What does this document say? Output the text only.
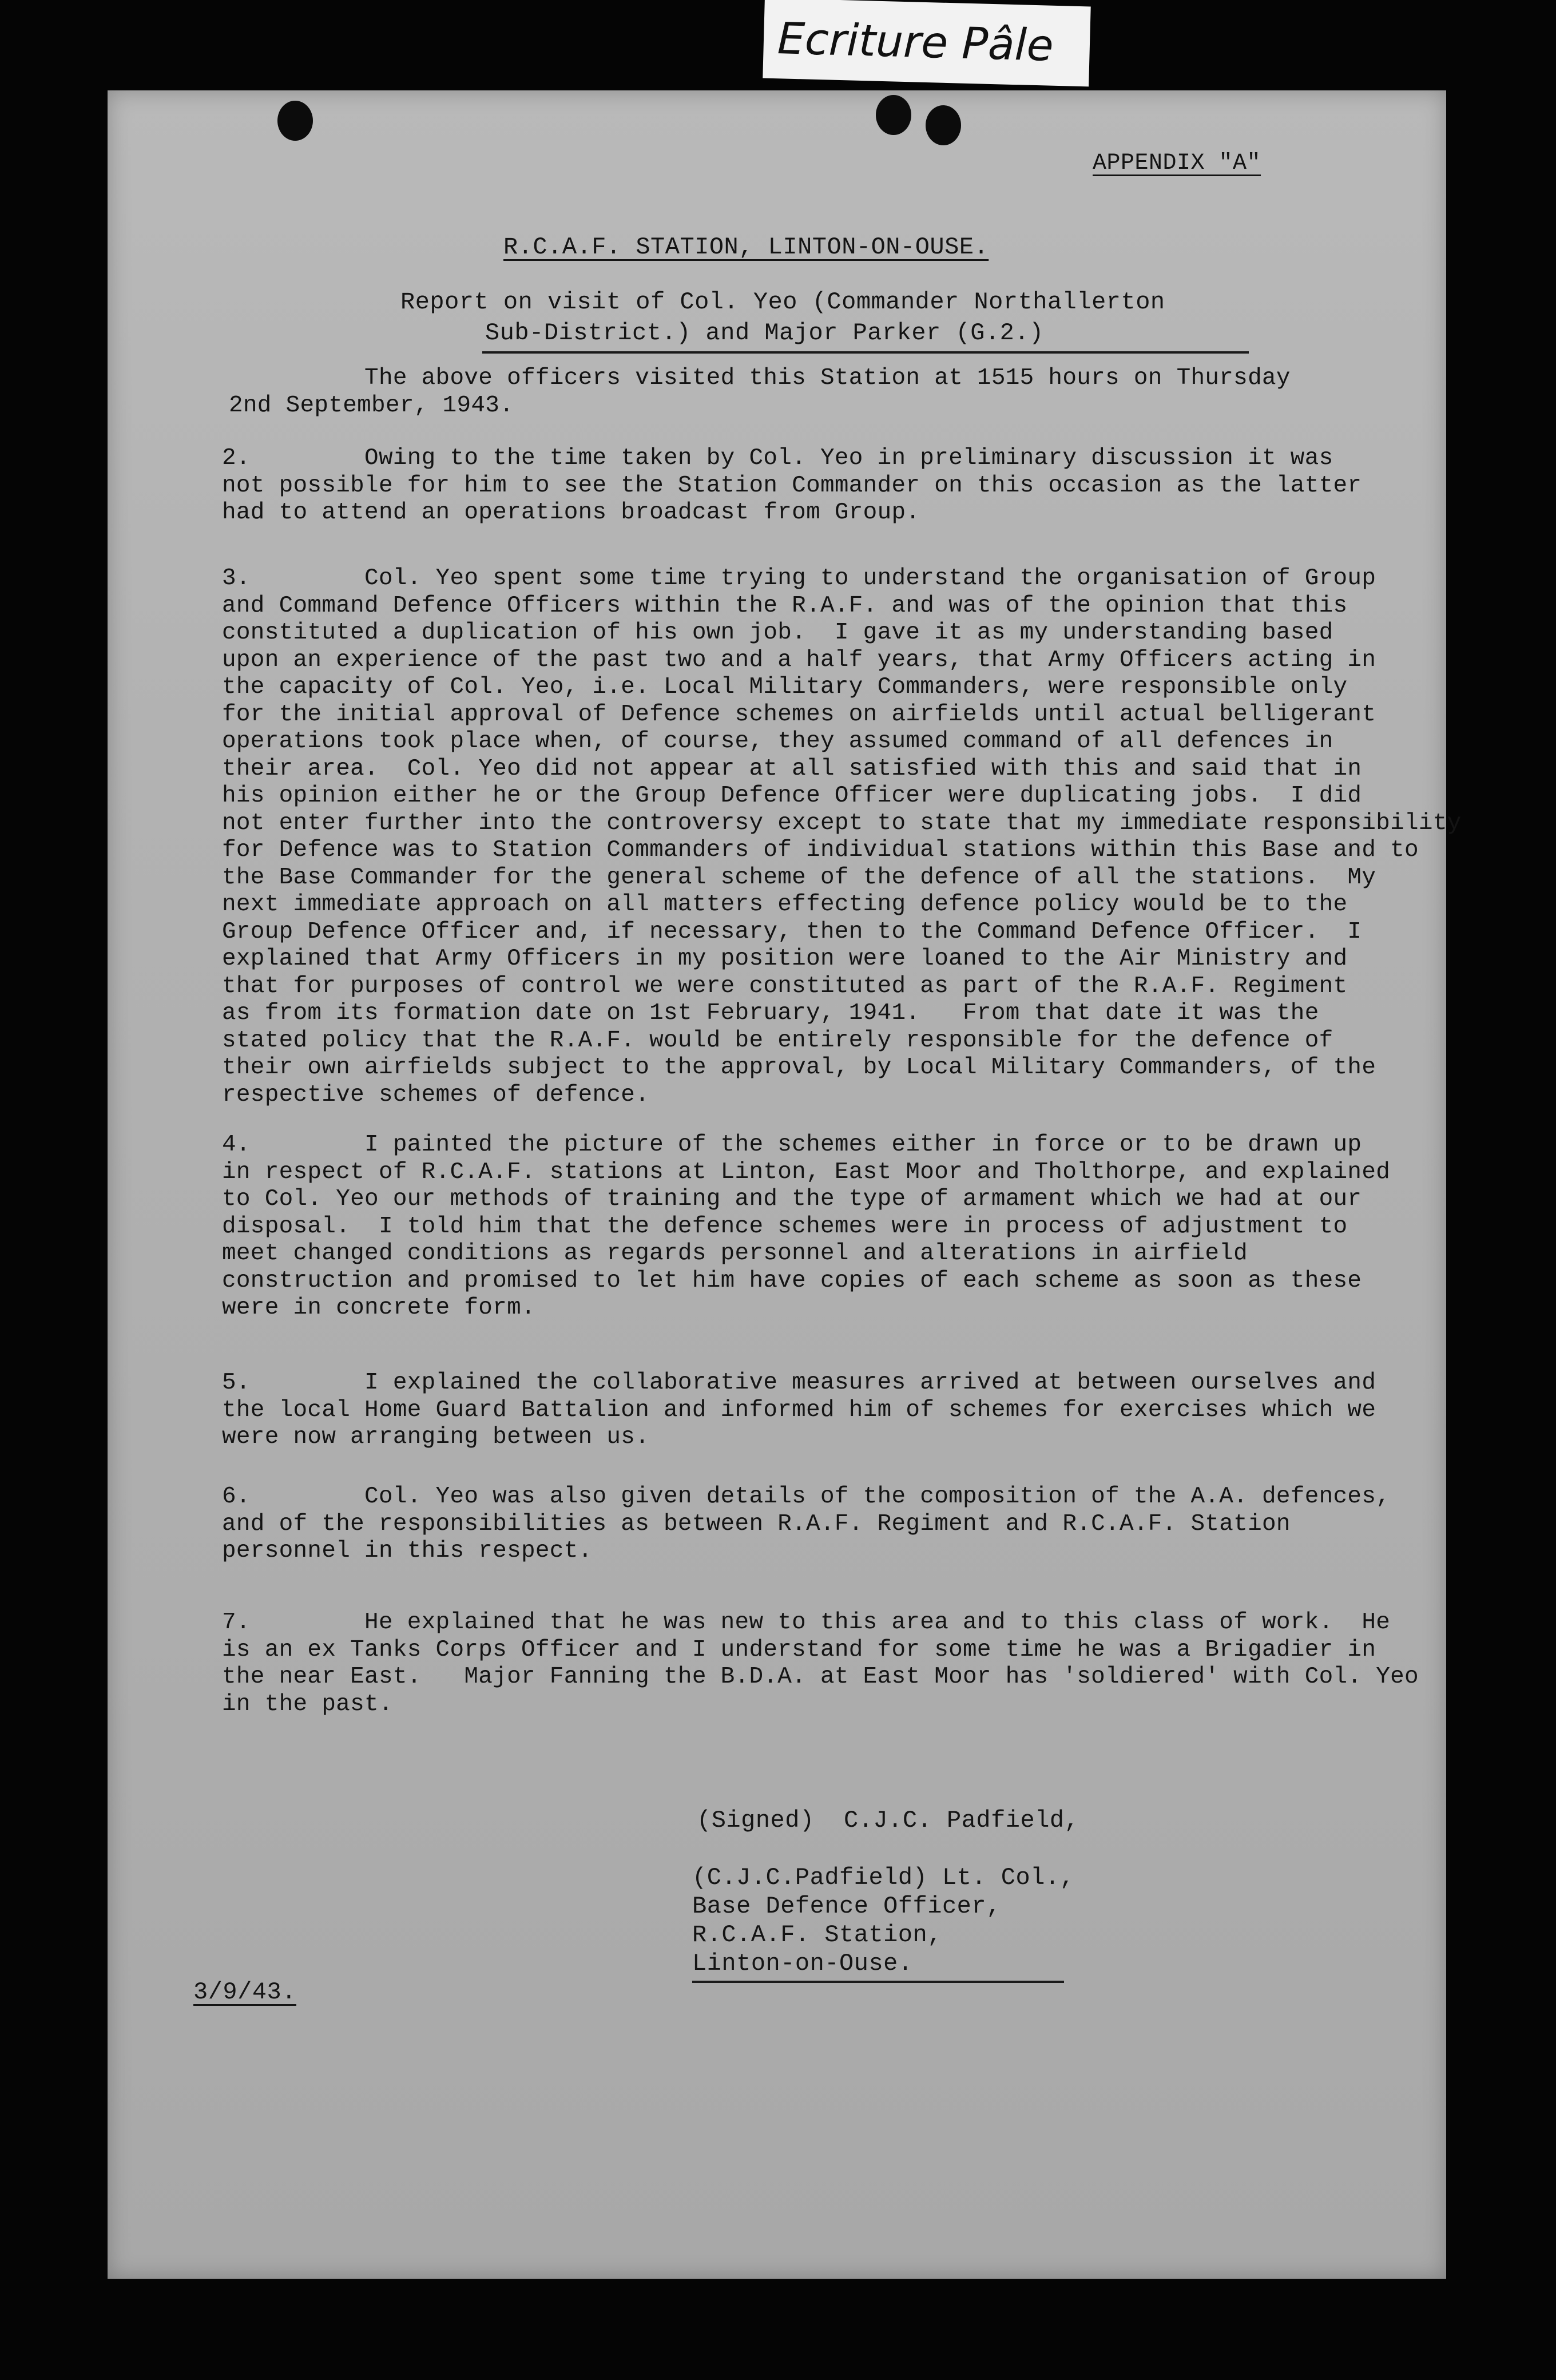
Ecriture Pâle
APPENDIX "A"
R.C.A.F. STATION, LINTON-ON-OUSE.
Report on visit of Col. Yeo (Commander Northallerton
Sub-District.) and Major Parker (G.2.)
The above officers visited this Station at 1515 hours on Thursday
2nd September, 1943.
2.        Owing to the time taken by Col. Yeo in preliminary discussion it was
not possible for him to see the Station Commander on this occasion as the latter
had to attend an operations broadcast from Group.
3.        Col. Yeo spent some time trying to understand the organisation of Group
and Command Defence Officers within the R.A.F. and was of the opinion that this
constituted a duplication of his own job.  I gave it as my understanding based
upon an experience of the past two and a half years, that Army Officers acting in
the capacity of Col. Yeo, i.e. Local Military Commanders, were responsible only
for the initial approval of Defence schemes on airfields until actual belligerant
operations took place when, of course, they assumed command of all defences in
their area.  Col. Yeo did not appear at all satisfied with this and said that in
his opinion either he or the Group Defence Officer were duplicating jobs.  I did
not enter further into the controversy except to state that my immediate responsibility
for Defence was to Station Commanders of individual stations within this Base and to
the Base Commander for the general scheme of the defence of all the stations.  My
next immediate approach on all matters effecting defence policy would be to the
Group Defence Officer and, if necessary, then to the Command Defence Officer.  I
explained that Army Officers in my position were loaned to the Air Ministry and
that for purposes of control we were constituted as part of the R.A.F. Regiment
as from its formation date on 1st February, 1941.   From that date it was the
stated policy that the R.A.F. would be entirely responsible for the defence of
their own airfields subject to the approval, by Local Military Commanders, of the
respective schemes of defence.
4.        I painted the picture of the schemes either in force or to be drawn up
in respect of R.C.A.F. stations at Linton, East Moor and Tholthorpe, and explained
to Col. Yeo our methods of training and the type of armament which we had at our
disposal.  I told him that the defence schemes were in process of adjustment to
meet changed conditions as regards personnel and alterations in airfield
construction and promised to let him have copies of each scheme as soon as these
were in concrete form.
5.        I explained the collaborative measures arrived at between ourselves and
the local Home Guard Battalion and informed him of schemes for exercises which we
were now arranging between us.
6.        Col. Yeo was also given details of the composition of the A.A. defences,
and of the responsibilities as between R.A.F. Regiment and R.C.A.F. Station
personnel in this respect.
7.        He explained that he was new to this area and to this class of work.  He
is an ex Tanks Corps Officer and I understand for some time he was a Brigadier in
the near East.   Major Fanning the B.D.A. at East Moor has 'soldiered' with Col. Yeo
in the past.
(Signed)  C.J.C. Padfield,
(C.J.C.Padfield) Lt. Col.,
Base Defence Officer,
R.C.A.F. Station,
Linton-on-Ouse.
3/9/43.
